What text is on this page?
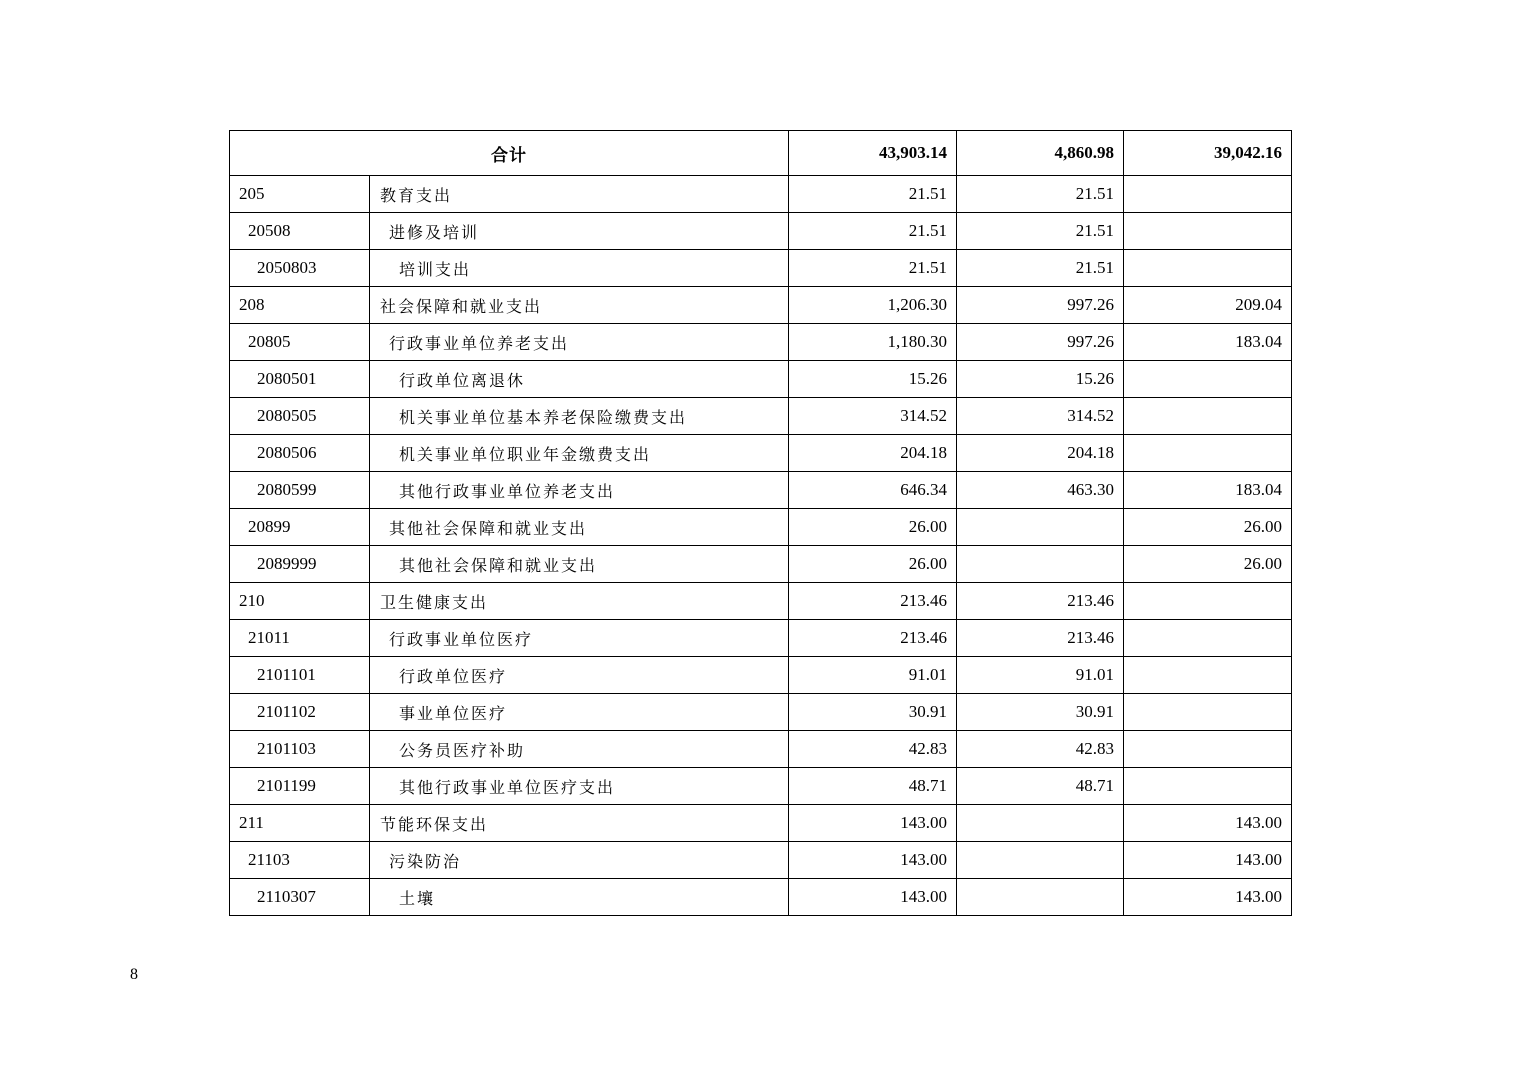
合计		43,903.14	4,860.98	39,042.16
205	教育支出	21.51	21.51	
20508	进修及培训	21.51	21.51	
2050803	培训支出	21.51	21.51	
208	社会保障和就业支出	1,206.30	997.26	209.04
20805	行政事业单位养老支出	1,180.30	997.26	183.04
2080501	行政单位离退休	15.26	15.26	
2080505	机关事业单位基本养老保险缴费支出	314.52	314.52	
2080506	机关事业单位职业年金缴费支出	204.18	204.18	
2080599	其他行政事业单位养老支出	646.34	463.30	183.04
20899	其他社会保障和就业支出	26.00		26.00
2089999	其他社会保障和就业支出	26.00		26.00
210	卫生健康支出	213.46	213.46	
21011	行政事业单位医疗	213.46	213.46	
2101101	行政单位医疗	91.01	91.01	
2101102	事业单位医疗	30.91	30.91	
2101103	公务员医疗补助	42.83	42.83	
2101199	其他行政事业单位医疗支出	48.71	48.71	
211	节能环保支出	143.00		143.00
21103	污染防治	143.00		143.00
2110307	土壤	143.00		143.00
8
